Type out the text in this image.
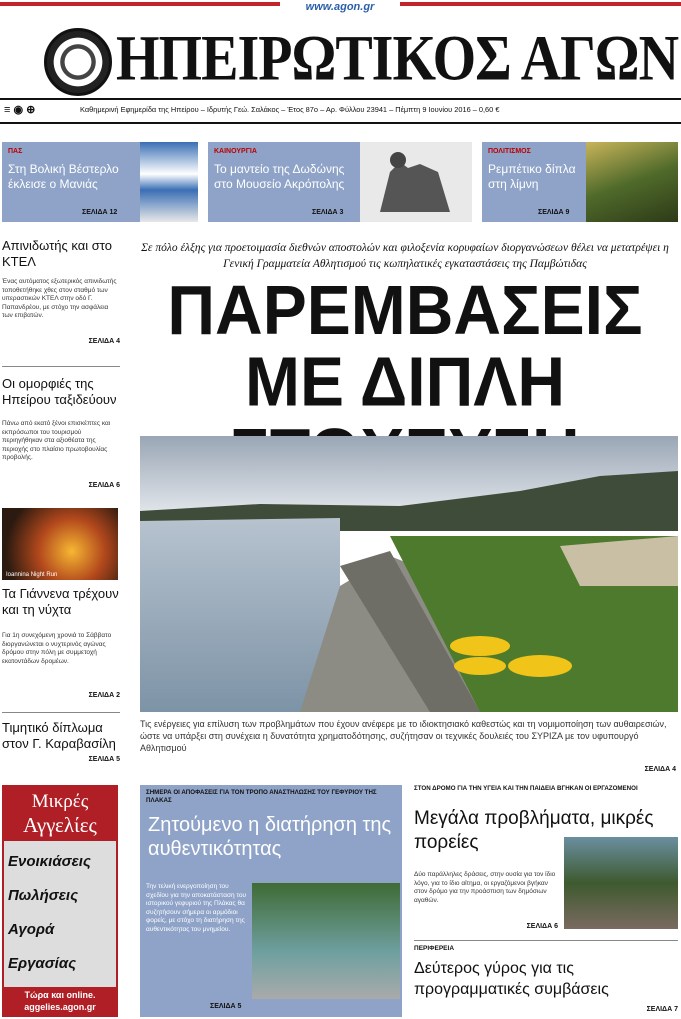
www.agon.gr
ΗΠΕΙΡΩΤΙΚΟΣ ΑΓΩΝ
≡ ◉ ⊕	Καθημερινή Εφημερίδα της Ηπείρου – Ιδρυτής Γεώ. Σαλάκος – Έτος 87ο – Αρ. Φύλλου 23941 – Πέμπτη 9 Ιουνίου 2016 – 0,60 €
ΠΑΣ
Στη Βολική Βέστερλο έκλεισε ο Μανιάς
ΣΕΛΙΔΑ 12
ΚΑΙΝΟΥΡΓΙΑ
Το μαντείο της Δωδώνης στο Μουσείο Ακρόπολης
ΣΕΛΙΔΑ 3
ΠΟΛΙΤΙΣΜΟΣ
Ρεμπέτικο δίπλα στη λίμνη
ΣΕΛΙΔΑ 9
Απινιδωτής και στο ΚΤΕΛ
Ένας αυτόματος εξωτερικός απινιδωτής τοποθετήθηκε χθες στον σταθμό των υπεραστικών ΚΤΕΛ στην οδό Γ. Παπανδρέου, με στόχο την ασφάλεια των επιβατών.
ΣΕΛΙΔΑ 4
Οι ομορφιές της Ηπείρου ταξιδεύουν
Πάνω από εκατό ξένοι επισκέπτες και εκπρόσωποι του τουρισμού περιηγήθηκαν στα αξιοθέατα της περιοχής στο πλαίσιο πρωτοβουλίας προβολής.
ΣΕΛΙΔΑ 6
Ioannina Night Run
Τα Γιάννενα τρέχουν και τη νύχτα
Για 1η συνεχόμενη χρονιά το Σάββατο διοργανώνεται ο νυχτερινός αγώνας δρόμου στην πόλη με συμμετοχή εκατοντάδων δρομέων.
ΣΕΛΙΔΑ 2
Τιμητικό δίπλωμα στον Γ. Καραβασίλη
ΣΕΛΙΔΑ 5
Σε πόλο έλξης για προετοιμασία διεθνών αποστολών και φιλοξενία κορυφαίων διοργανώσεων θέλει να μετατρέψει η Γενική Γραμματεία Αθλητισμού τις κωπηλατικές εγκαταστάσεις της Παμβώτιδας
ΠΑΡΕΜΒΑΣΕΙΣ
ΜΕ ΔΙΠΛΗ
Τις ενέργειες για επίλυση των προβλημάτων που έχουν ανέφερε με το ιδιοκτησιακό καθεστώς και τη νομιμοποίηση των αυθαιρεσιών, ώστε να υπάρξει στη συνέχεια η δυνατότητα χρηματοδότησης, συζήτησαν οι τεχνικές δουλειές του ΣΥΡΙΖΑ με τον υφυπουργό Αθλητισμού
ΣΕΛΙΔΑ 4
Μικρές
Αγγελίες
Ενοικιάσεις
Πωλήσεις
Αγορά
Εργασίας
Τώρα και online.
aggelies.agon.gr
ΣΗΜΕΡΑ ΟΙ ΑΠΟΦΑΣΕΙΣ ΓΙΑ ΤΟΝ ΤΡΟΠΟ ΑΝΑΣΤΗΛΩΣΗΣ ΤΟΥ ΓΕΦΥΡΙΟΥ ΤΗΣ ΠΛΑΚΑΣ
Ζητούμενο η διατήρηση της αυθεντικότητας
Την τελική ενεργοποίηση του σχεδίου για την αποκατάσταση του ιστορικού γεφυριού της Πλάκας θα συζητήσουν σήμερα οι αρμόδιοι φορείς, με στόχο τη διατήρηση της αυθεντικότητας του μνημείου.
ΣΕΛΙΔΑ 5
ΣΤΟΝ ΔΡΟΜΟ ΓΙΑ ΤΗΝ ΥΓΕΙΑ ΚΑΙ ΤΗΝ ΠΑΙΔΕΙΑ ΒΓΗΚΑΝ ΟΙ ΕΡΓΑΖΟΜΕΝΟΙ
Μεγάλα προβλήματα, μικρές πορείες
Δύο παράλληλες δράσεις, στην ουσία για τον ίδιο λόγο, για το ίδιο αίτημα, οι εργαζόμενοι βγήκαν στον δρόμο για την προάσπιση των δημόσιων αγαθών.
ΣΕΛΙΔΑ 6
ΠΕΡΙΦΕΡΕΙΑ
Δεύτερος γύρος για τις προγραμματικές συμβάσεις
ΣΕΛΙΔΑ 7
